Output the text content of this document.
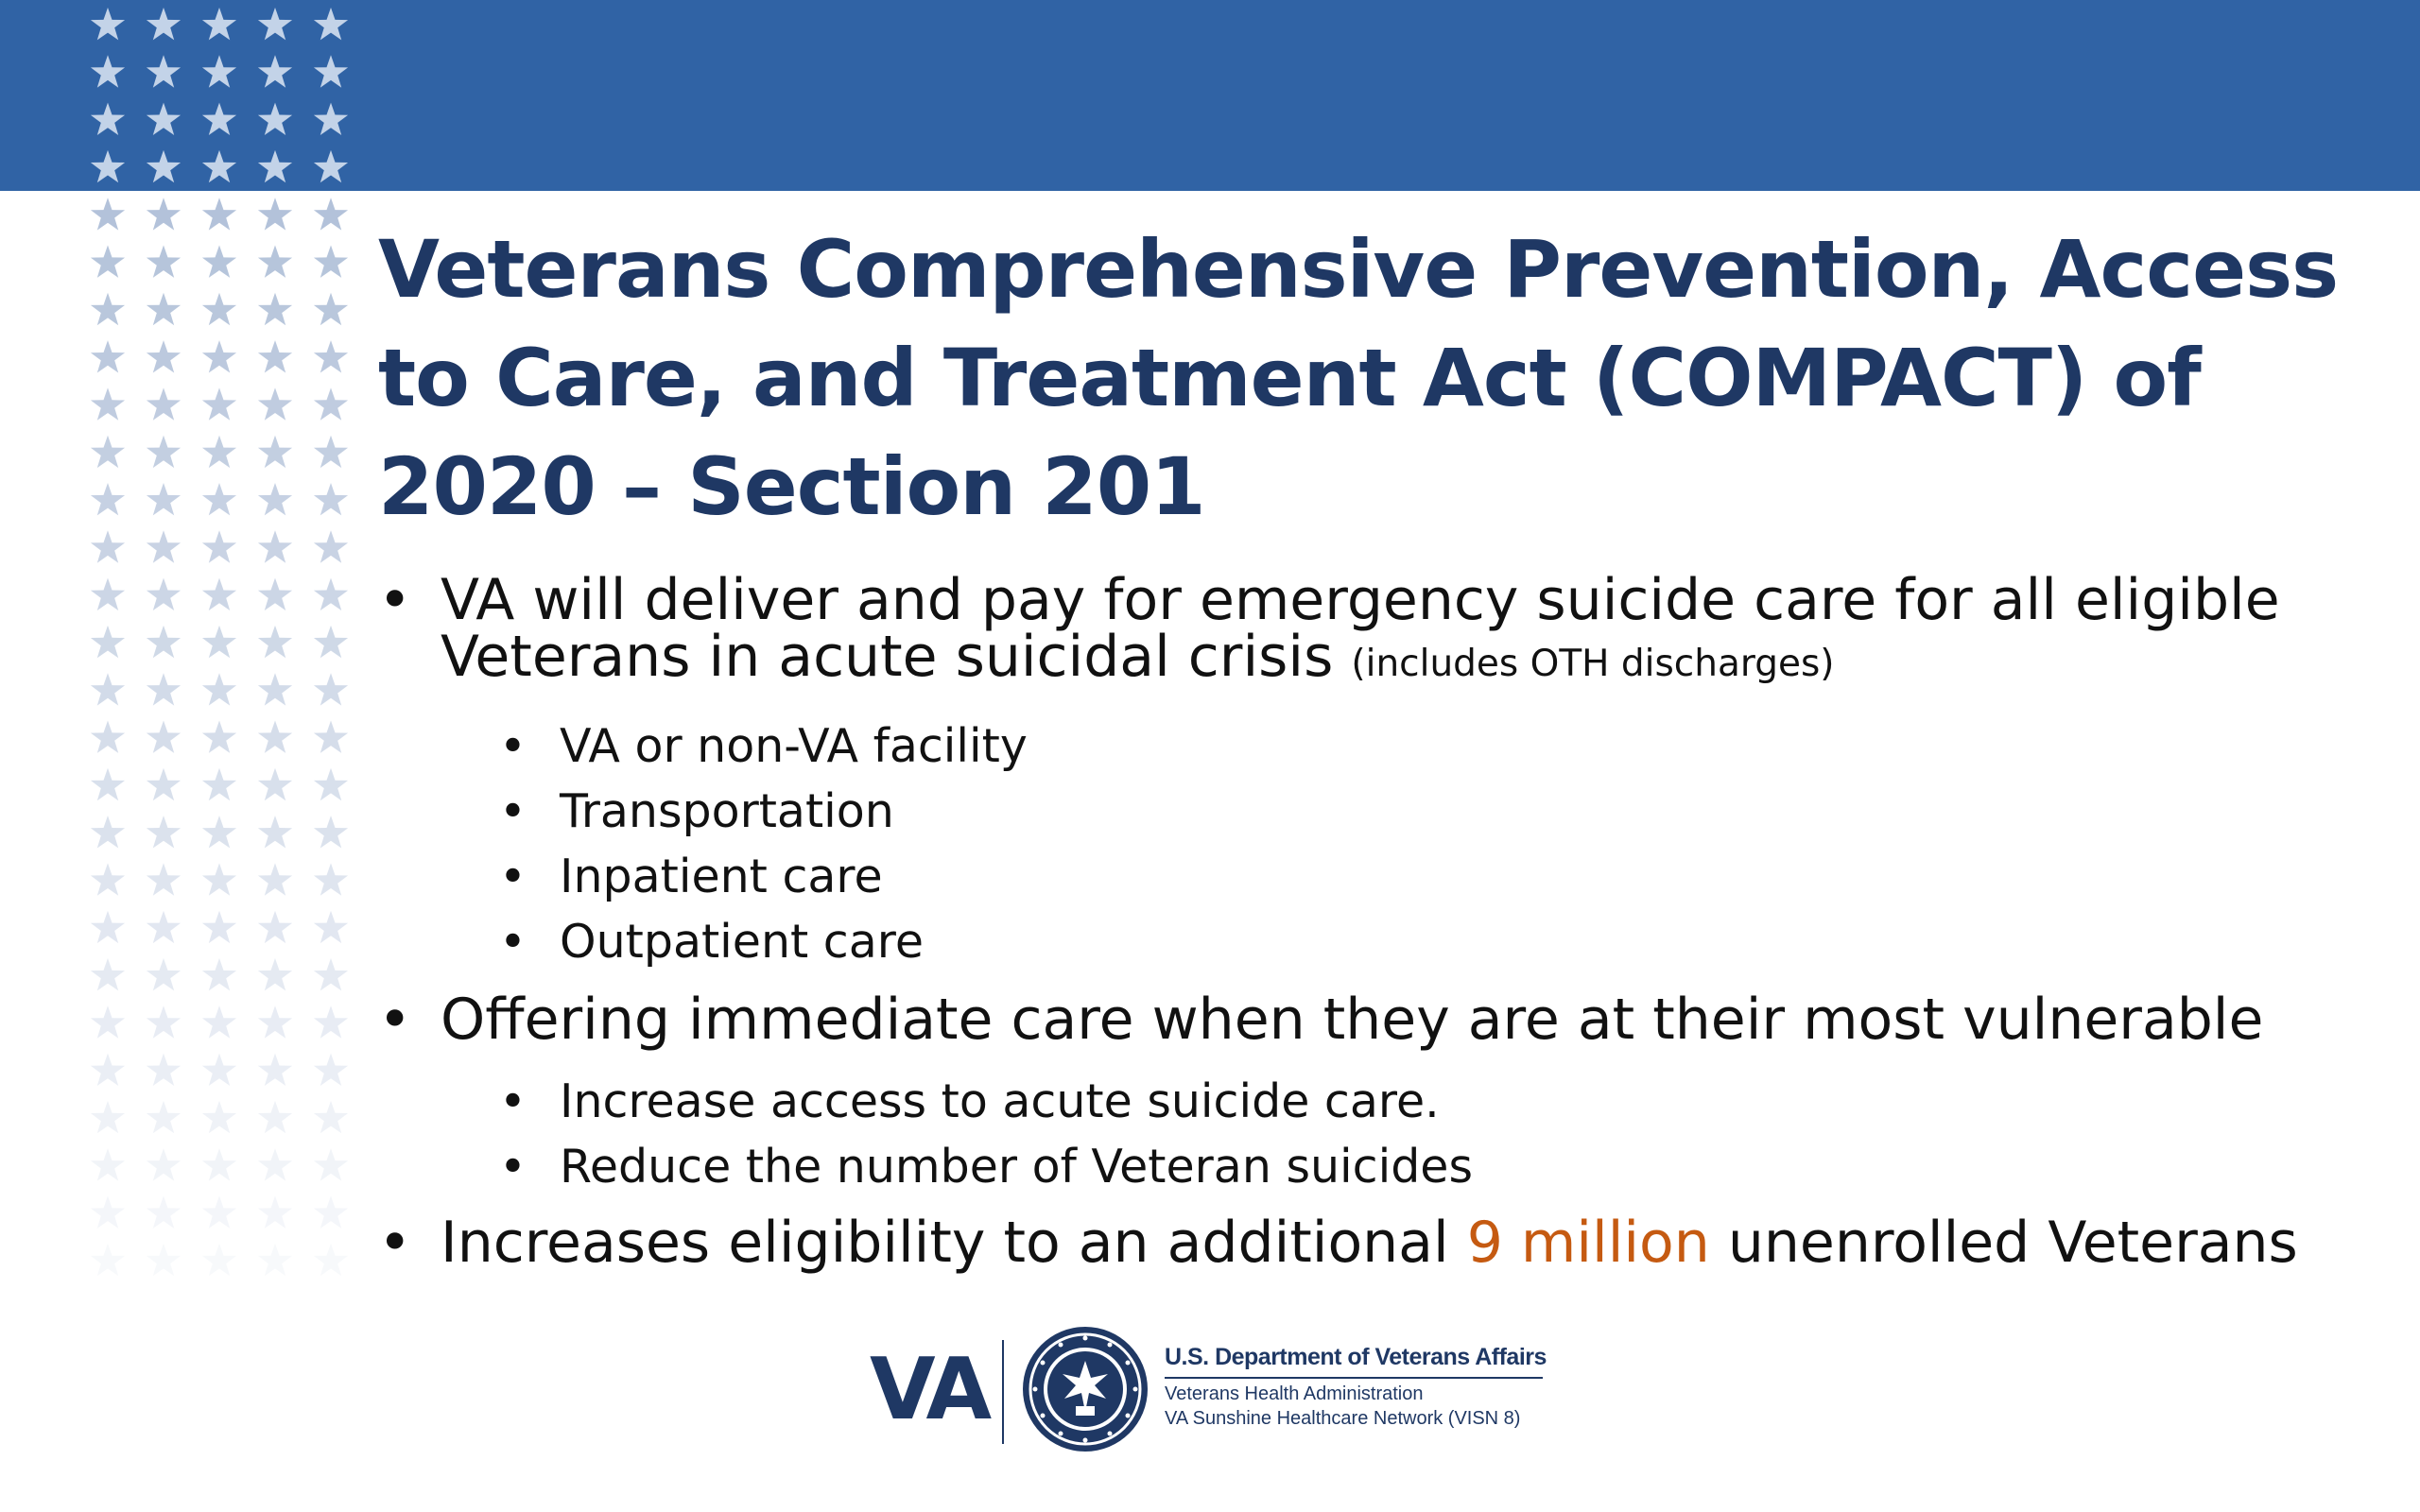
Veterans Comprehensive Prevention, Access to Care, and Treatment Act (COMPACT) of 2020 – Section 201
• VA will deliver and pay for emergency suicide care for all eligible Veterans in acute suicidal crisis (includes OTH discharges)
• VA or non-VA facility
• Transportation
• Inpatient care
• Outpatient care
• Offering immediate care when they are at their most vulnerable
• Increase access to acute suicide care.
• Reduce the number of Veteran suicides
• Increases eligibility to an additional 9 million unenrolled Veterans
VA	U.S. Department of Veterans Affairs
Veterans Health Administration
VA Sunshine Healthcare Network (VISN 8)
